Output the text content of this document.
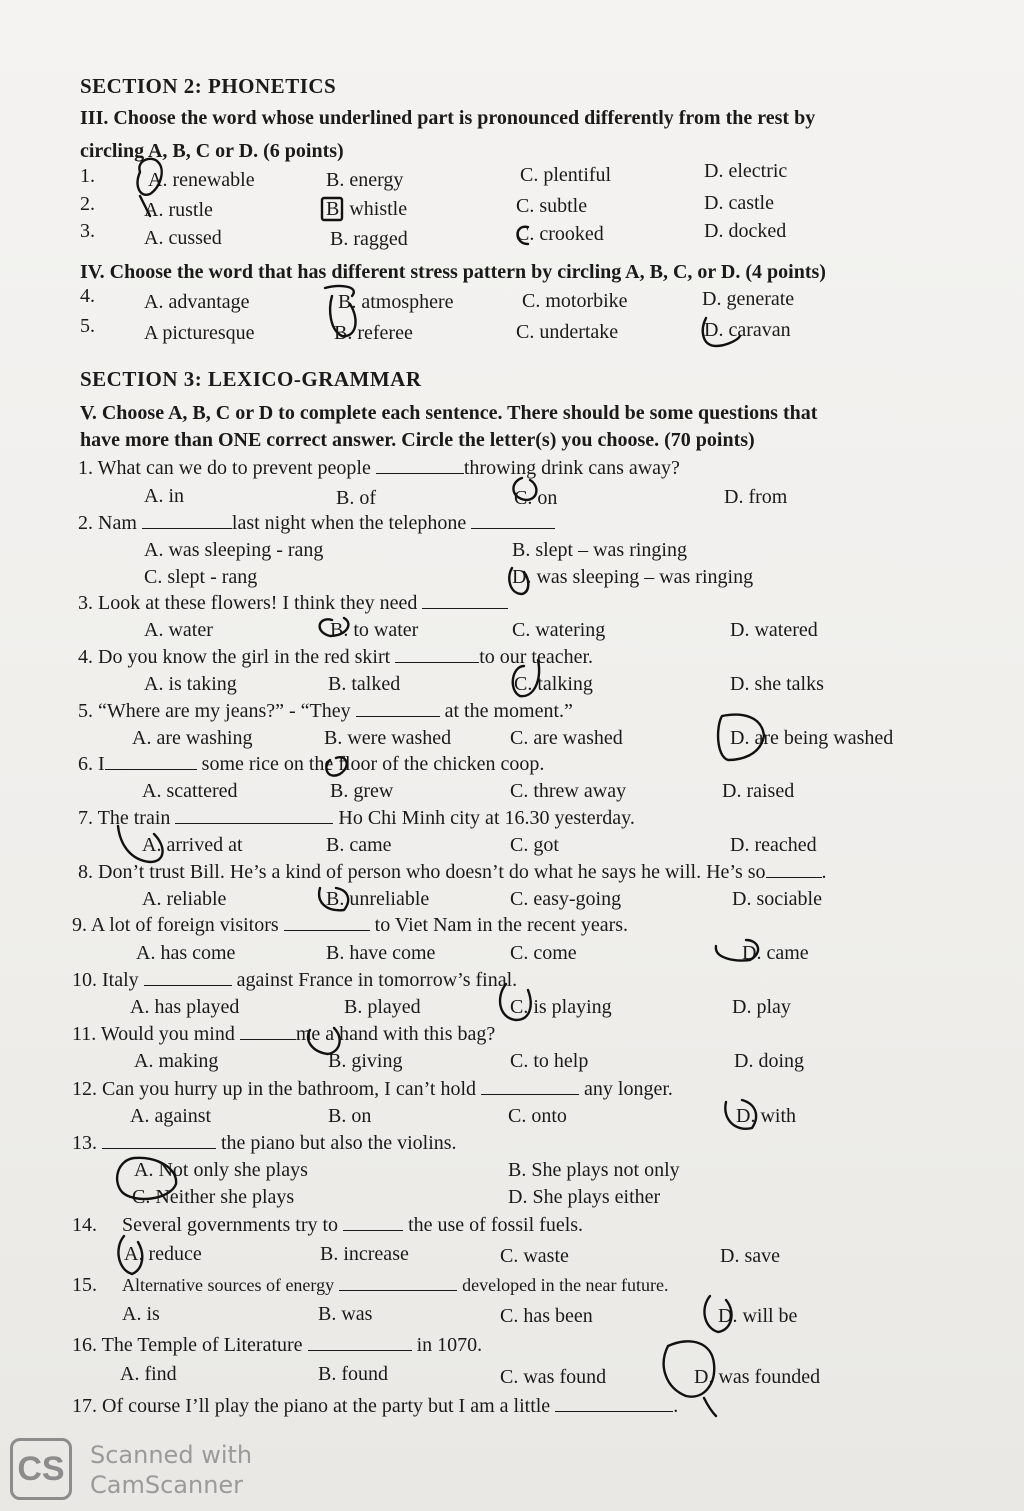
SECTION 2: PHONETICS
III. Choose the word whose underlined part is pronounced differently from the rest by
circling A, B, C or D. (6 points)
1.	A. renewable	B. energy	C. plentiful	D. electric
2. A. rustle	B. whistle	C. subtle	D. castle
3. A. cussed	B. ragged	C. crooked	D. docked
IV. Choose the word that has different stress pattern by circling A, B, C, or D. (4 points)
4. A. advantage	B. atmosphere	C. motorbike	D. generate
5. A picturesque	B. referee	C. undertake	D. caravan
SECTION 3: LEXICO-GRAMMAR
V. Choose A, B, C or D to complete each sentence. There should be some questions that
have more than ONE correct answer. Circle the letter(s) you choose. (70 points)
1. What can we do to prevent people	throwing drink cans away?
A. in	B. of	C. on	D. from
2. Nam	last night when the telephone
A. was sleeping - rang	B. slept – was ringing
C. slept - rang	D. was sleeping – was ringing
3. Look at these flowers! I think they need
A. water	B. to water	C. watering	D. watered
4. Do you know the girl in the red skirt	to our teacher.
A. is taking	B. talked	C. talking	D. she talks
5. “Where are my jeans?” - “They	at the moment.”
A. are washing	B. were washed	C. are washed	D. are being washed
6. I	some rice on the floor of the chicken coop.
A. scattered	B. grew	C. threw away	D. raised
7. The train	Ho Chi Minh city at 16.30 yesterday.
A. arrived at	B. came	C. got	D. reached
8. Don’t trust Bill. He’s a kind of person who doesn’t do what he says he will. He’s so	.
A. reliable	B. unreliable	C. easy-going	D. sociable
9. A lot of foreign visitors	to Viet Nam in the recent years.
A. has come	B. have come	C. come	D. came
10. Italy	against France in tomorrow’s final.
A. has played	B. played	C. is playing	D. play
11. Would you mind	me a hand with this bag?
A. making	B. giving	C. to help	D. doing
12. Can you hurry up in the bathroom, I can’t hold	any longer.
A. against	B. on	C. onto	D. with
13.	the piano but also the violins.
A. Not only she plays	B. She plays not only
C. Neither she plays	D. She plays either
14. Several governments try to	the use of fossil fuels.
A. reduce	B. increase	C. waste	D. save
15. Alternative sources of energy	developed in the near future.
A. is	B. was	C. has been	D. will be
16. The Temple of Literature	in 1070.
A. find	B. found	C. was found	D. was founded
17. Of course I’ll play the piano at the party but I am a little	.
CS	Scanned with
CamScanner
